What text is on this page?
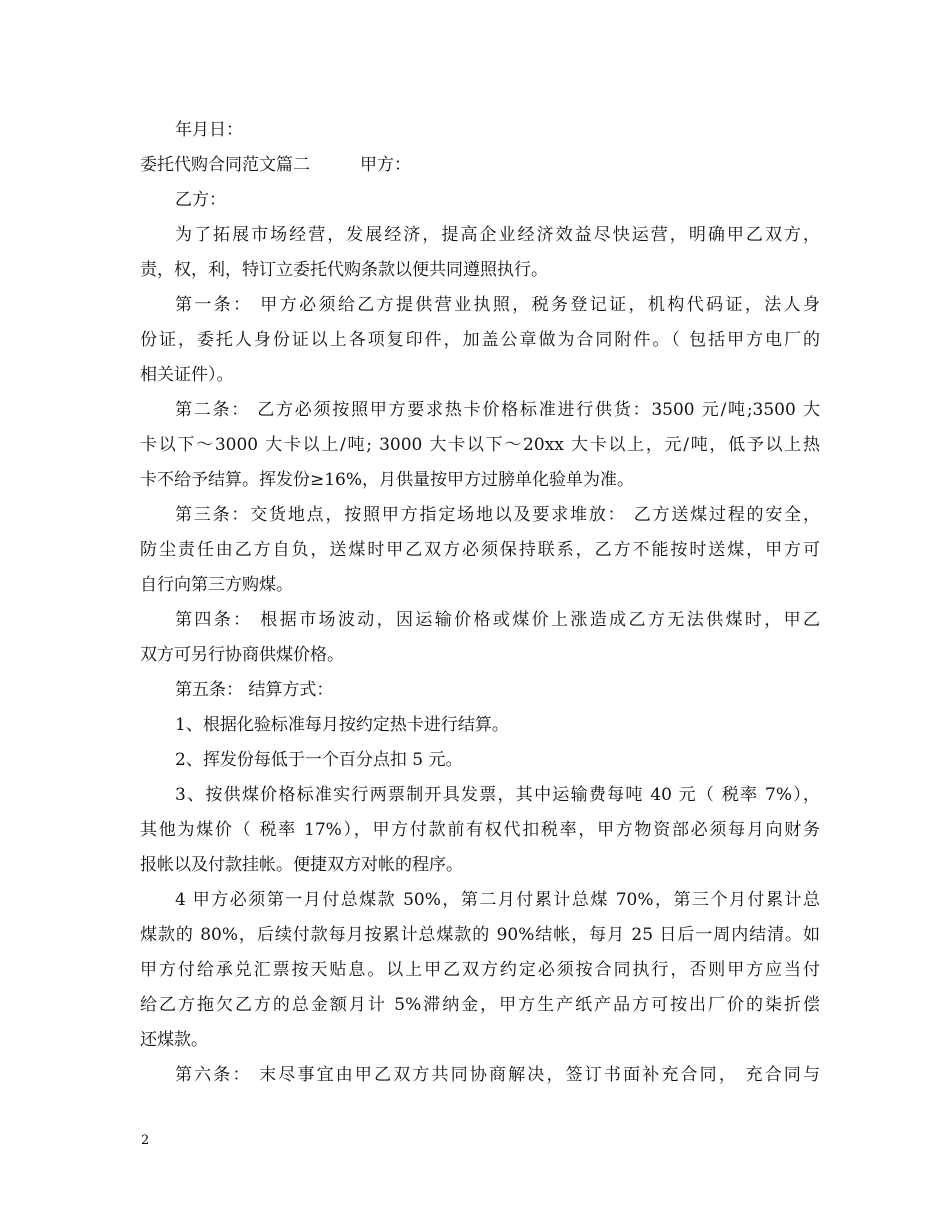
年月日：
委托代购合同范文篇二	甲方：
乙方：
为了拓展市场经营，发展经济，提高企业经济效益尽快运营，明确甲乙双方，
责，权，利，特订立委托代购条款以便共同遵照执行。
第一条： 甲方必须给乙方提供营业执照，税务登记证，机构代码证，法人身
份证，委托人身份证以上各项复印件，加盖公章做为合同附件。（ 包括甲方电厂的
相关证件）。
第二条： 乙方必须按照甲方要求热卡价格标准进行供货：3500 元/吨;3500 大
卡以下～3000 大卡以上/吨; 3000 大卡以下～20xx 大卡以上，元/吨，低予以上热
卡不给予结算。挥发份≥16%，月供量按甲方过膀单化验单为准。
第三条：交货地点，按照甲方指定场地以及要求堆放： 乙方送煤过程的安全，
防尘责任由乙方自负，送煤时甲乙双方必须保持联系，乙方不能按时送煤，甲方可
自行向第三方购煤。
第四条： 根据市场波动，因运输价格或煤价上涨造成乙方无法供煤时，甲乙
双方可另行协商供煤价格。
第五条： 结算方式：
1、根据化验标准每月按约定热卡进行结算。
2、挥发份每低于一个百分点扣 5 元。
3、按供煤价格标准实行两票制开具发票，其中运输费每吨 40 元（ 税率 7%），
其他为煤价（ 税率 17%），甲方付款前有权代扣税率，甲方物资部必须每月向财务
报帐以及付款挂帐。便捷双方对帐的程序。
4 甲方必须第一月付总煤款 50%，第二月付累计总煤 70%，第三个月付累计总
煤款的 80%，后续付款每月按累计总煤款的 90%结帐，每月 25 日后一周内结清。如
甲方付给承兑汇票按天贴息。以上甲乙双方约定必须按合同执行，否则甲方应当付
给乙方拖欠乙方的总金额月计 5%滞纳金，甲方生产纸产品方可按出厂价的柒折偿
还煤款。
第六条： 末尽事宜由甲乙双方共同协商解决，签订书面补充合同， 充合同与
2
